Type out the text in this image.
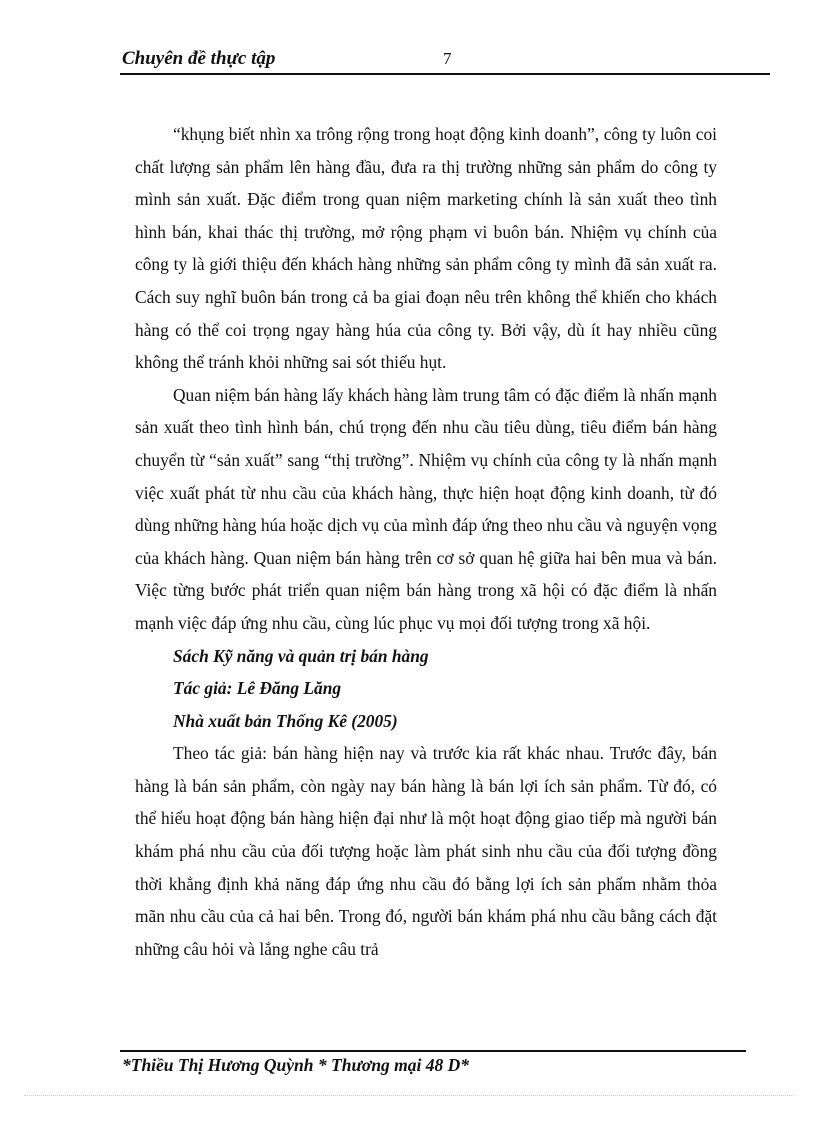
Chuyên đề thực tập	7

“khụng biết nhìn xa trông rộng trong hoạt động kinh doanh”, công ty luôn coi chất lượng sản phẩm lên hàng đầu, đưa ra thị trường những sản phẩm do công ty mình sản xuất. Đặc điểm trong quan niệm marketing chính là sản xuất theo tình hình bán, khai thác thị trường, mở rộng phạm vi buôn bán. Nhiệm vụ chính của công ty là giới thiệu đến khách hàng những sản phẩm công ty mình đã sản xuất ra. Cách suy nghĩ buôn bán trong cả ba giai đoạn nêu trên không thể khiến cho khách hàng có thể coi trọng ngay hàng húa của công ty. Bởi vậy, dù ít hay nhiều cũng không thể tránh khỏi những sai sót thiếu hụt.

Quan niệm bán hàng lấy khách hàng làm trung tâm có đặc điểm là nhấn mạnh sản xuất theo tình hình bán, chú trọng đến nhu cầu tiêu dùng, tiêu điểm bán hàng chuyển từ “sản xuất” sang “thị trường”. Nhiệm vụ chính của công ty là nhấn mạnh việc xuất phát từ nhu cầu của khách hàng, thực hiện hoạt động kinh doanh, từ đó dùng những hàng húa hoặc dịch vụ của mình đáp ứng theo nhu cầu và nguyện vọng của khách hàng. Quan niệm bán hàng trên cơ sở quan hệ giữa hai bên mua và bán. Việc từng bước phát triển quan niệm bán hàng trong xã hội có đặc điểm là nhấn mạnh việc đáp ứng nhu cầu, cùng lúc phục vụ mọi đối tượng trong xã hội.

Sách Kỹ năng và quản trị bán hàng

Tác giả: Lê Đăng Lăng

Nhà xuất bản Thống Kê (2005)

Theo tác giả: bán hàng hiện nay và trước kia rất khác nhau. Trước đây, bán hàng là bán sản phẩm, còn ngày nay bán hàng là bán lợi ích sản phẩm. Từ đó, có thể hiểu hoạt động bán hàng hiện đại như là một hoạt động giao tiếp mà người bán khám phá nhu cầu của đối tượng hoặc làm phát sinh nhu cầu của đối tượng đồng thời khẳng định khả năng đáp ứng nhu cầu đó bằng lợi ích sản phẩm nhằm thỏa mãn nhu cầu của cả hai bên. Trong đó, người bán khám phá nhu cầu bằng cách đặt những câu hỏi và lắng nghe câu trả

*Thiều Thị Hương Quỳnh * Thương mại 48 D*
